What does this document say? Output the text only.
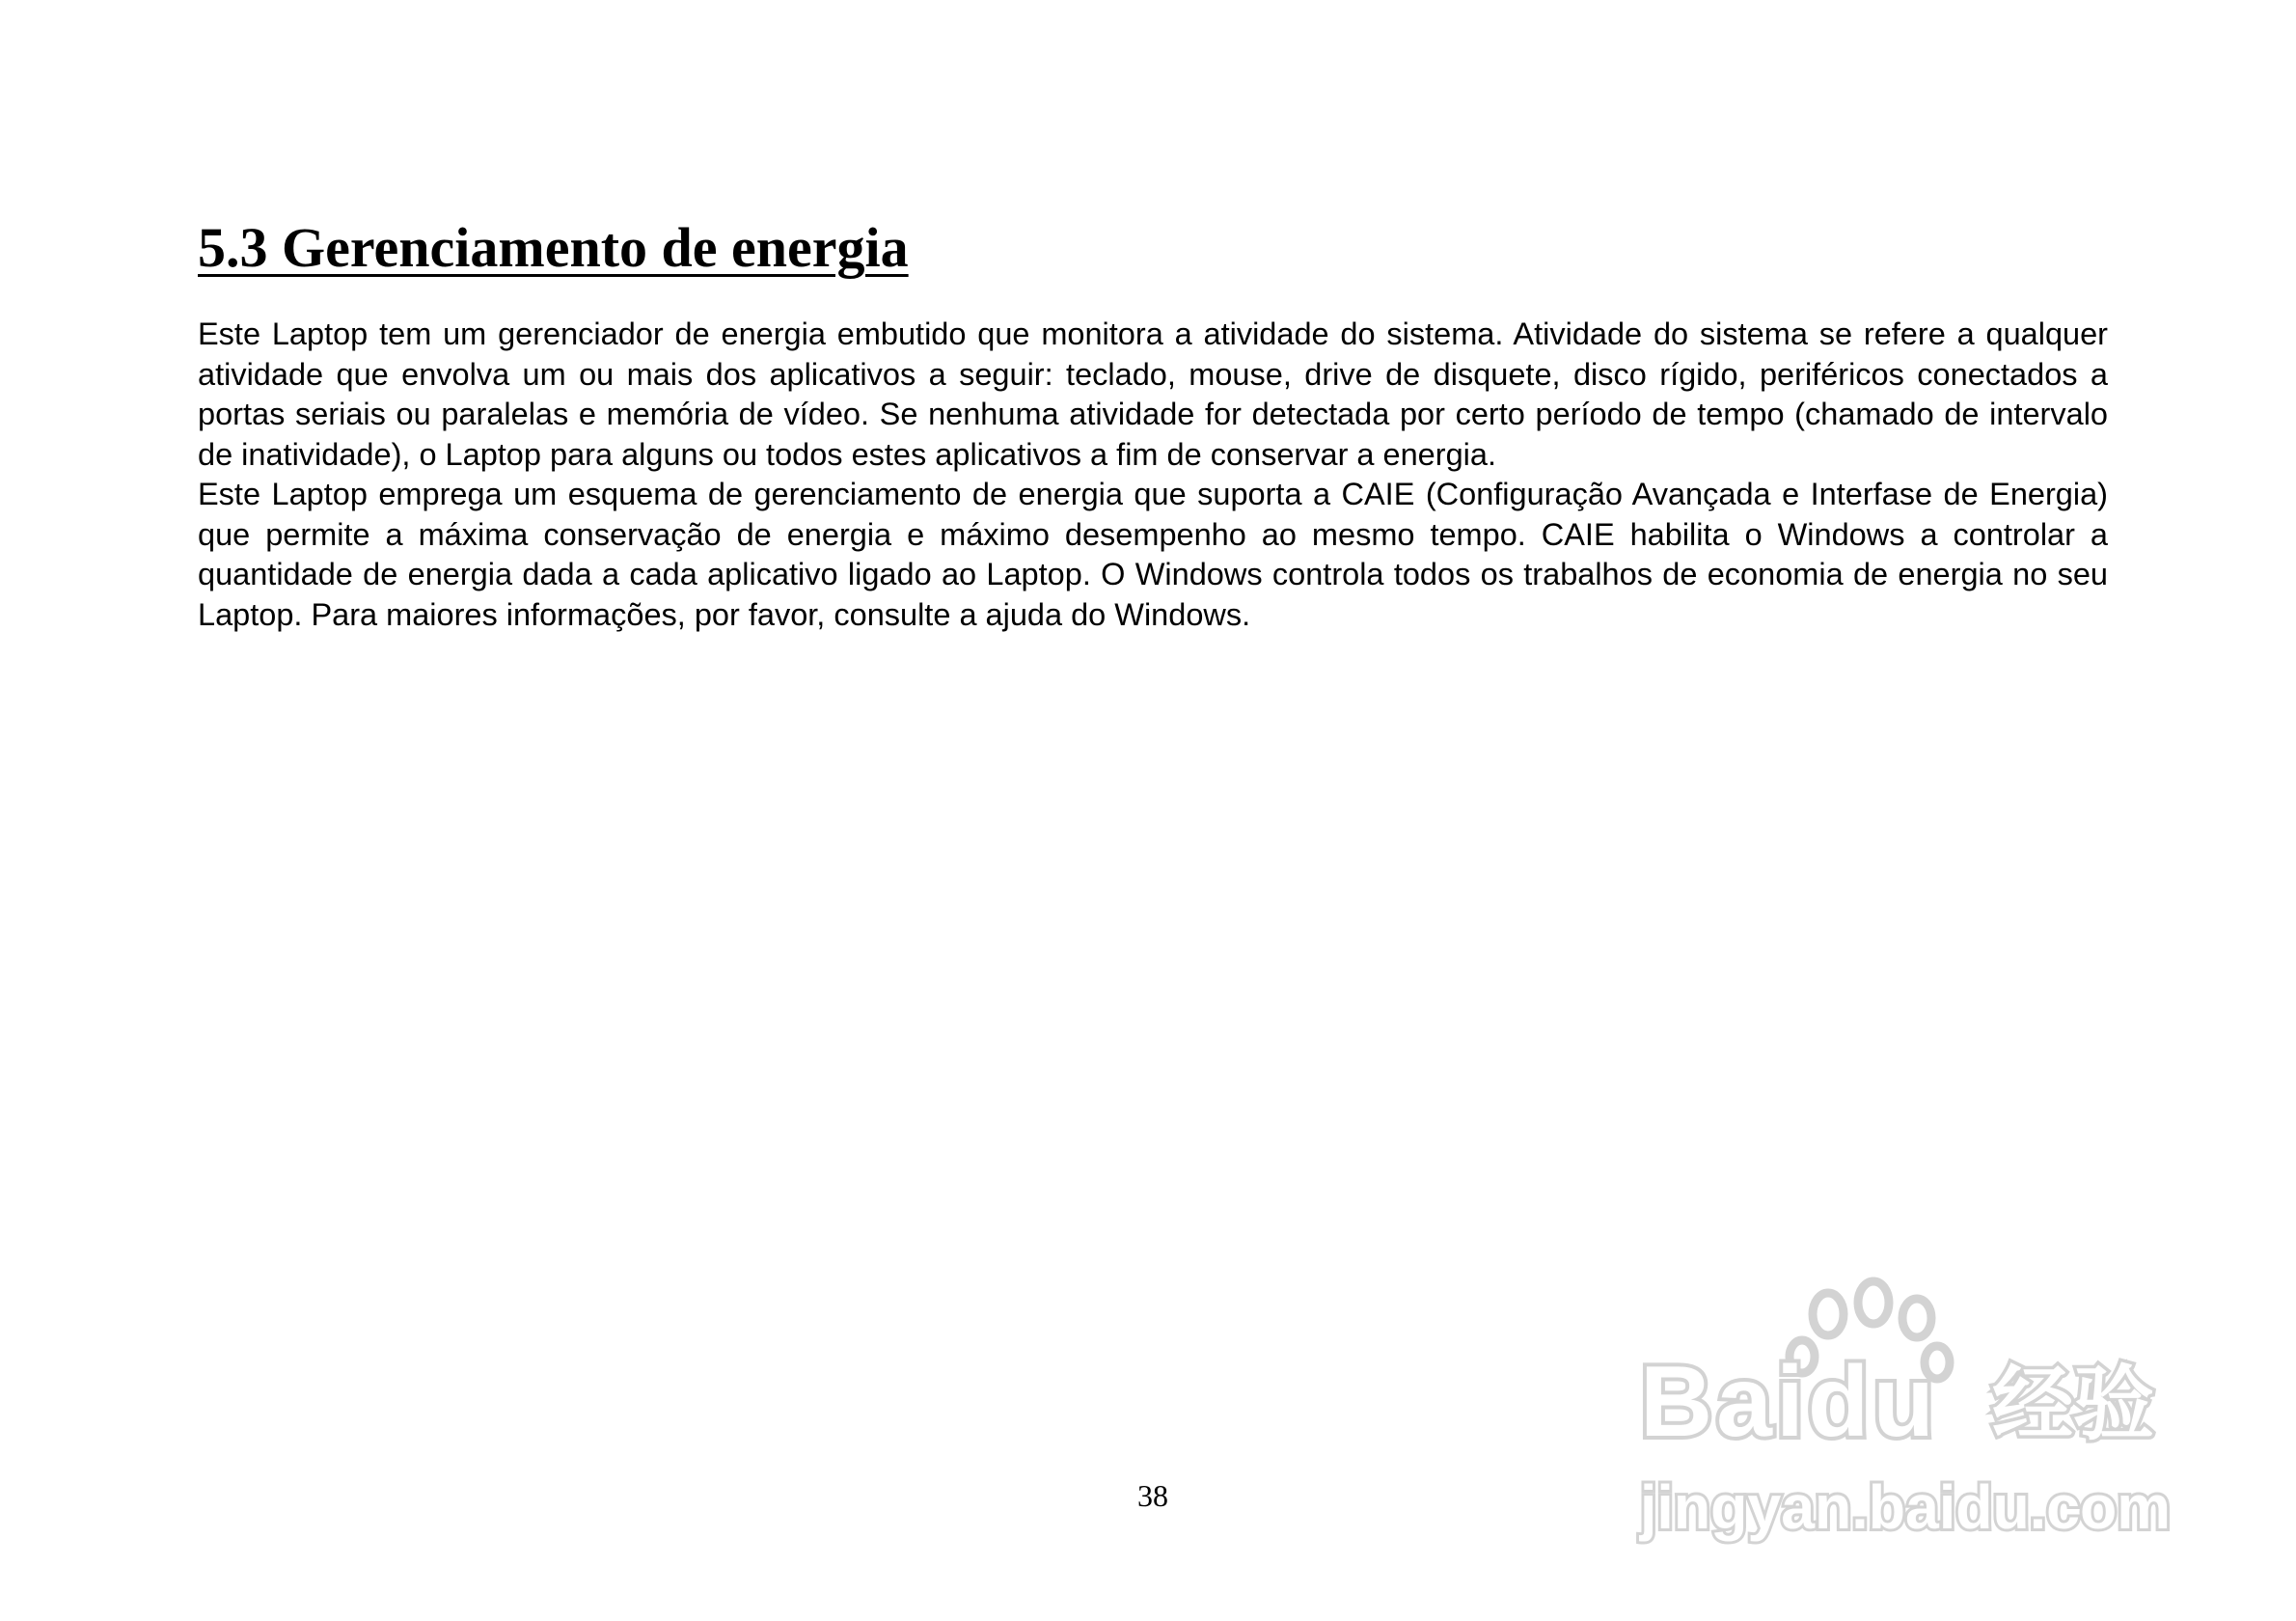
5.3 Gerenciamento de energia

Este Laptop tem um gerenciador de energia embutido que monitora a atividade do sistema. Atividade do sistema se refere a qualquer atividade que envolva um ou mais dos aplicativos a seguir: teclado, mouse, drive de disquete, disco rígido, periféricos conectados a portas seriais ou paralelas e memória de vídeo. Se nenhuma atividade for detectada por certo período de tempo (chamado de intervalo de inatividade), o Laptop para alguns ou todos estes aplicativos a fim de conservar a energia.

Este Laptop emprega um esquema de gerenciamento de energia que suporta a CAIE (Configuração Avançada e Interfase de Energia) que permite a máxima conservação de energia e máximo desempenho ao mesmo tempo. CAIE habilita o Windows a controlar a quantidade de energia dada a cada aplicativo ligado ao Laptop. O Windows controla todos os trabalhos de economia de energia no seu Laptop. Para maiores informações, por favor, consulte a ajuda do Windows.

38
Baidu 经验
jingyan.baidu.com
